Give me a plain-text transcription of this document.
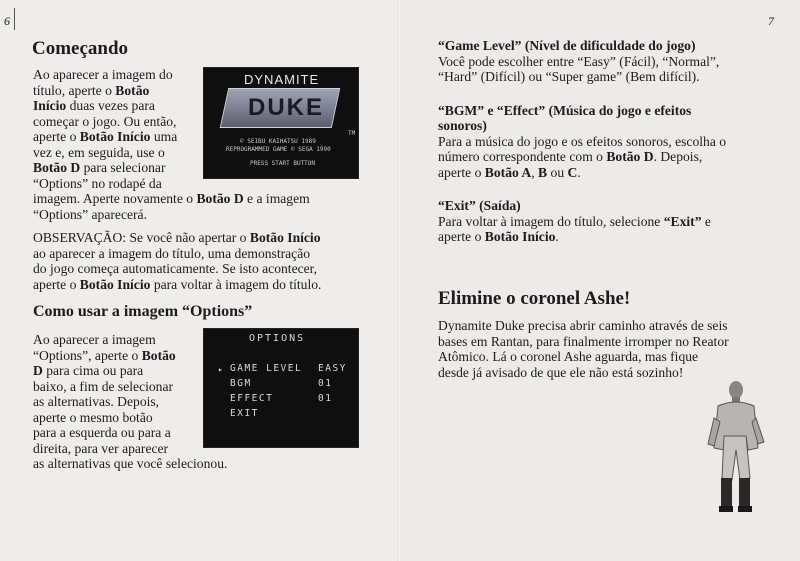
6
Começando
Ao aparecer a imagem do
título, aperte o Botão
Início duas vezes para
começar o jogo. Ou então,
aperte o Botão Início uma
vez e, em seguida, use o
Botão D para selecionar
“Options” no rodapé da
imagem. Aperte novamente o Botão D e a imagem
“Options” aparecerá.
DYNAMITE
DUKE
TM
© SEIBU KAIHATSU 1989
REPROGRAMMED GAME © SEGA 1990
PRESS START BUTTON
OBSERVAÇÃO: Se você não apertar o Botão Início
ao aparecer a imagem do título, uma demonstração
do jogo começa automaticamente. Se isto acontecer,
aperte o Botão Início para voltar à imagem do título.
Como usar a imagem “Options”
Ao aparecer a imagem
“Options”, aperte o Botão
D para cima ou para
baixo, a fim de selecionar
as alternativas. Depois,
aperte o mesmo botão
para a esquerda ou para a
direita, para ver aparecer
as alternativas que você selecionou.
OPTIONS
▸ GAME LEVEL EASY
BGM	01
EFFECT	01
EXIT
7
“Game Level” (Nível de dificuldade do jogo)
Você pode escolher entre “Easy” (Fácil), “Normal”,
“Hard” (Difícil) ou “Super game” (Bem difícil).
“BGM” e “Effect” (Música do jogo e efeitos
sonoros)
Para a música do jogo e os efeitos sonoros, escolha o
número correspondente com o Botão D. Depois,
aperte o Botão A, B ou C.
“Exit” (Saída)
Para voltar à imagem do título, selecione “Exit” e
aperte o Botão Início.
Elimine o coronel Ashe!
Dynamite Duke precisa abrir caminho através de seis
bases em Rantan, para finalmente irromper no Reator
Atômico. Lá o coronel Ashe aguarda, mas fique
desde já avisado de que ele não está sozinho!
